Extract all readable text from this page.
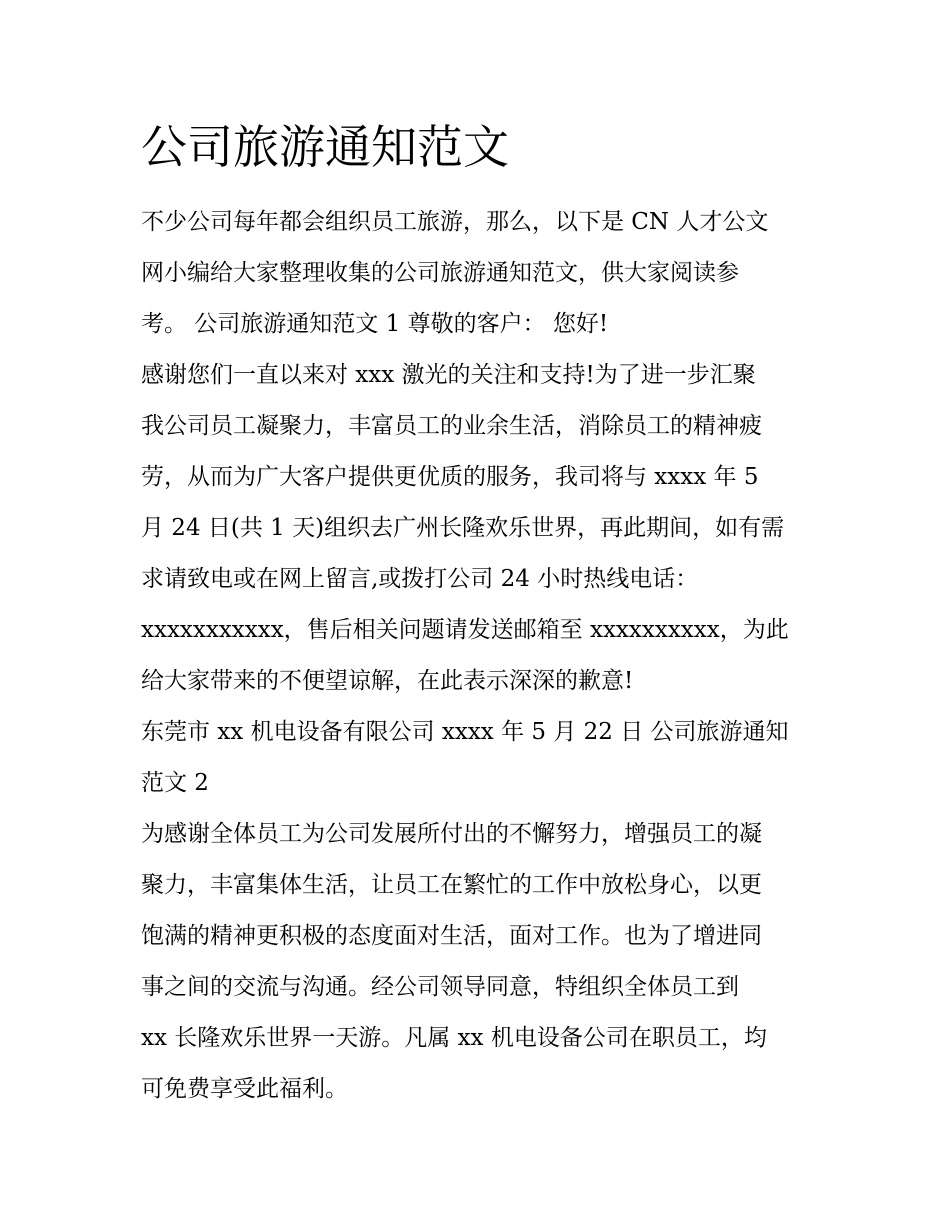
公司旅游通知范文

不少公司每年都会组织员工旅游，那么，以下是 CN 人才公文

网小编给大家整理收集的公司旅游通知范文，供大家阅读参

考。 公司旅游通知范文 1 尊敬的客户： 您好!

感谢您们一直以来对 xxx 激光的关注和支持!为了进一步汇聚

我公司员工凝聚力，丰富员工的业余生活，消除员工的精神疲

劳，从而为广大客户提供更优质的服务，我司将与 xxxx 年 5

月 24 日(共 1 天)组织去广州长隆欢乐世界，再此期间，如有需

求请致电或在网上留言,或拨打公司 24 小时热线电话：

xxxxxxxxxxx，售后相关问题请发送邮箱至 xxxxxxxxxx，为此

给大家带来的不便望谅解，在此表示深深的歉意!

东莞市 xx 机电设备有限公司 xxxx 年 5 月 22 日 公司旅游通知

范文 2

为感谢全体员工为公司发展所付出的不懈努力，增强员工的凝

聚力，丰富集体生活，让员工在繁忙的工作中放松身心，以更

饱满的精神更积极的态度面对生活，面对工作。也为了增进同

事之间的交流与沟通。经公司领导同意，特组织全体员工到

xx 长隆欢乐世界一天游。凡属 xx 机电设备公司在职员工，均

可免费享受此福利。
